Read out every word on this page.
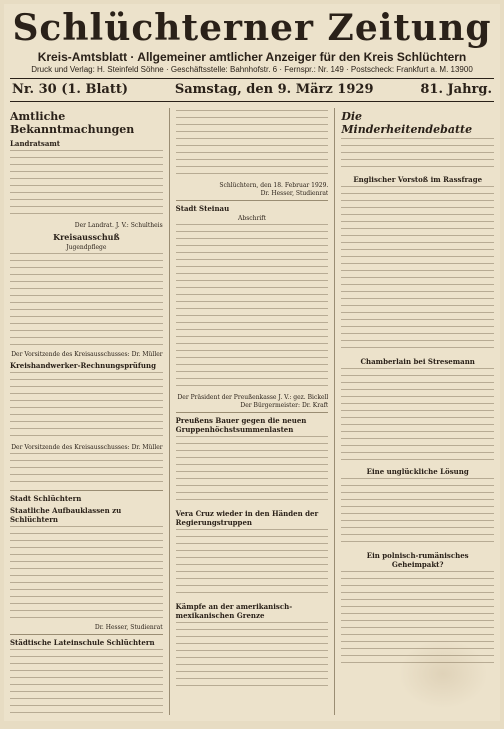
Schlüchterner Zeitung
Kreis-Amtsblatt · Allgemeiner amtlicher Anzeiger für den Kreis Schlüchtern
Druck und Verlag: H. Steinfeld Söhne · Geschäftsstelle: Bahnhofstr. 6 · Fernspr.: Nr. 149 · Postscheck: Frankfurt a. M. 13900
Nr. 30 (1. Blatt)	Samstag, den 9. März 1929	81. Jahrg.
Amtliche Bekanntmachungen
Landratsamt
Der Landrat. J. V.: Schultheis
Kreisausschuß
Jugendpflege
Der Vorsitzende des Kreisausschusses: Dr. Müller
Kreishandwerker-Rechnungsprüfung
Der Vorsitzende des Kreisausschusses: Dr. Müller
Stadt Schlüchtern
Staatliche Aufbauklassen zu Schlüchtern
Dr. Hesser, Studienrat
Städtische Lateinschule Schlüchtern
Schlüchtern, den 18. Februar 1929.
Dr. Hesser, Studienrat
Stadt Steinau
Abschrift
Der Präsident der Preußenkasse J. V.: gez. Bickell
Der Bürgermeister: Dr. Kraft
Preußens Bauer gegen die neuen Gruppenhöchstsummenlasten
Vera Cruz wieder in den Händen der Regierungstruppen
Kämpfe an der amerikanisch-mexikanischen Grenze
Die Minderheitendebatte
Englischer Vorstoß im Rassfrage
Chamberlain bei Stresemann
Eine unglückliche Lösung
Ein polnisch-rumänisches Geheimpakt?
